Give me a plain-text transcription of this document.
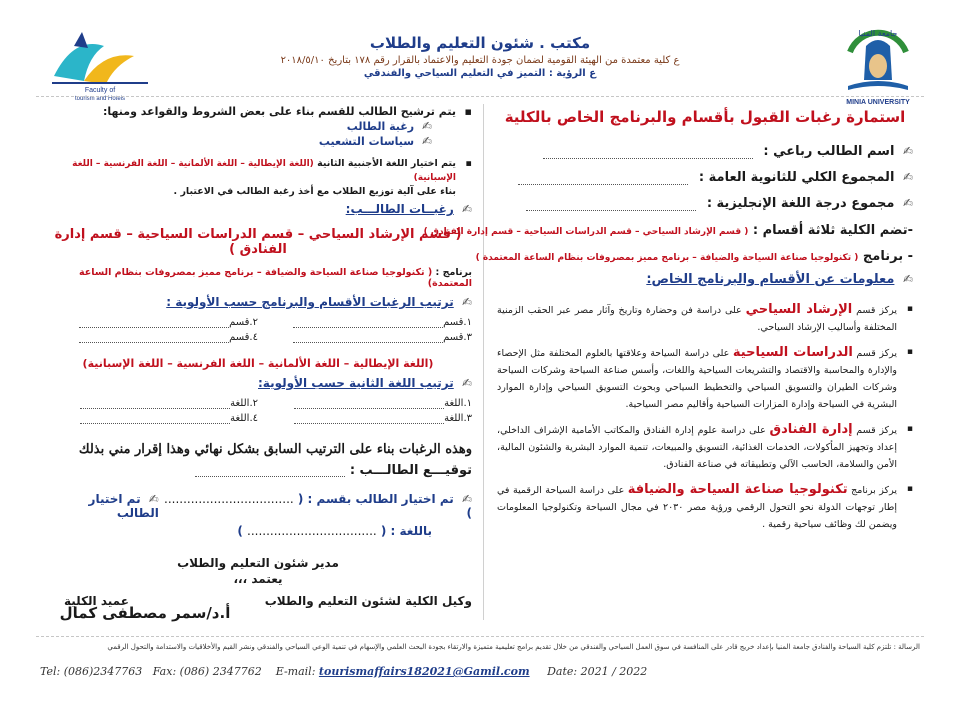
Faculty of
tourism and Hotels
مكتب . شئون التعليم والطلاب
ع كلية معتمدة من الهيئة القومية لضمان جودة التعليم والاعتماد بالقرار رقم ١٧٨ بتاريخ ٢٠١٨/٥/١٠
ع الرؤية : التميز في التعليم السياحي والفندقي
جامعة المنيا
MINIA UNIVERSITY
استمارة رغبات القبول بأقسام والبرنامج الخاص بالكلية
✍ اسم الطالب رباعي :
✍ المجموع الكلي للثانوية العامة :
✍ مجموع درجة اللغة الإنجليزية :
-تضم الكلية ثلاثة أقسام : ( قسم الإرشاد السياحي – قسم الدراسات السياحية – قسم إدارة الفنادق )
- برنامج ( تكنولوجيا صناعة السياحة والضيافة – برنامج مميز بمصروفات بنظام الساعة المعتمدة )
✍ معلومات عن الأقسام والبرنامج الخاص:
▪
يركز قسم الإرشاد السياحي على دراسة فن وحضارة وتاريخ وآثار مصر عبر الحقب الزمنية المختلفة وأساليب الإرشاد السياحي.
▪
يركز قسم الدراسات السياحية على دراسة السياحة وعلاقتها بالعلوم المختلفة مثل الإحصاء والإدارة والمحاسبة والاقتصاد والتشريعات السياحية واللغات، وأسس صناعة السياحة وشركات السياحة وشركات الطيران والتسويق السياحي والتخطيط السياحي وبحوث التسويق السياحي وإدارة الموارد البشرية في السياحة وإدارة المزارات السياحية وأقاليم مصر السياحية.
▪
يركز قسم إدارة الفنادق على دراسة علوم إدارة الفنادق والمكاتب الأمامية الإشراف الداخلي، إعداد وتجهيز المأكولات، الخدمات الغذائية، التسويق والمبيعات، تنمية الموارد البشرية والشئون المالية، الأمن والسلامة، الحاسب الآلي وتطبيقاته في صناعة الفنادق.
▪
يركز برنامج تكنولوجيا صناعة السياحة والضيافة على دراسة السياحة الرقمية في إطار توجهات الدولة نحو التحول الرقمي ورؤية مصر ٢٠٣٠ في مجال السياحة وتكنولوجيا المعلومات ويضمن لك وظائف سياحية رقمية .
▪
يتم ترشيح الطالب للقسم بناء على بعض الشروط والقواعد ومنها:
✍ رغبة الطالب
✍ سياسات التشعيب
▪
يتم اختيار اللغة الأجنبية الثانية (اللغة الإيطالية – اللغة الألمانية – اللغة الفرنسية – اللغة الإسبانية)
بناء على آلية توزيع الطلاب مع أخذ رغبة الطالب في الاعتبار .
✍ رغبــات الطالـــب:
( قسم الإرشاد السياحي – قسم الدراسات السياحية – قسم إدارة الفنادق )
برنامج : ( تكنولوجيا صناعة السياحة والضيافة – برنامج مميز بمصروفات بنظام الساعة المعتمدة)
✍ ترتيب الرغبات الأقسام والبرنامج حسب الأولوية :
١.قسم
٣.قسم
٢.قسم
٤.قسم
(اللغة الإيطالية – اللغة الألمانية – اللغة الفرنسية – اللغة الإسبانية)
✍ ترتيب اللغة الثانية حسب الأولوية:
١.اللغة
٣.اللغة
٢.اللغة
٤.اللغة
وهذه الرغبات بناء على الترتيب السابق بشكل نهائي وهذا إقرار مني بذلك
توقيـــع الطالـــب :
✍ تم اختيار الطالب بقسم : ( .................................. )
✍ تم اختيار الطالب
باللغة : ( .................................. )
مدير شئون التعليم والطلاب
يعتمد ،،،
وكيل الكلية لشئون التعليم والطلاب
عميد الكلية
أ.د/سمر مصطفى كمال
الرسالة : تلتزم كلية السياحة والفنادق جامعة المنيا بإعداد خريج قادر على المنافسة في سوق العمل السياحي والفندقي من خلال تقديم برامج تعليمية متميزة والارتقاء بجودة البحث العلمي والإسهام في تنمية الوعي السياحي والفندقي ونشر القيم والأخلاقيات والاستدامة والتحول الرقمي
Tel: (086)2347763 Fax: (086) 2347762 E-mail: tourismaffairs182021@Gamil.com Date: 2021 / 2022
